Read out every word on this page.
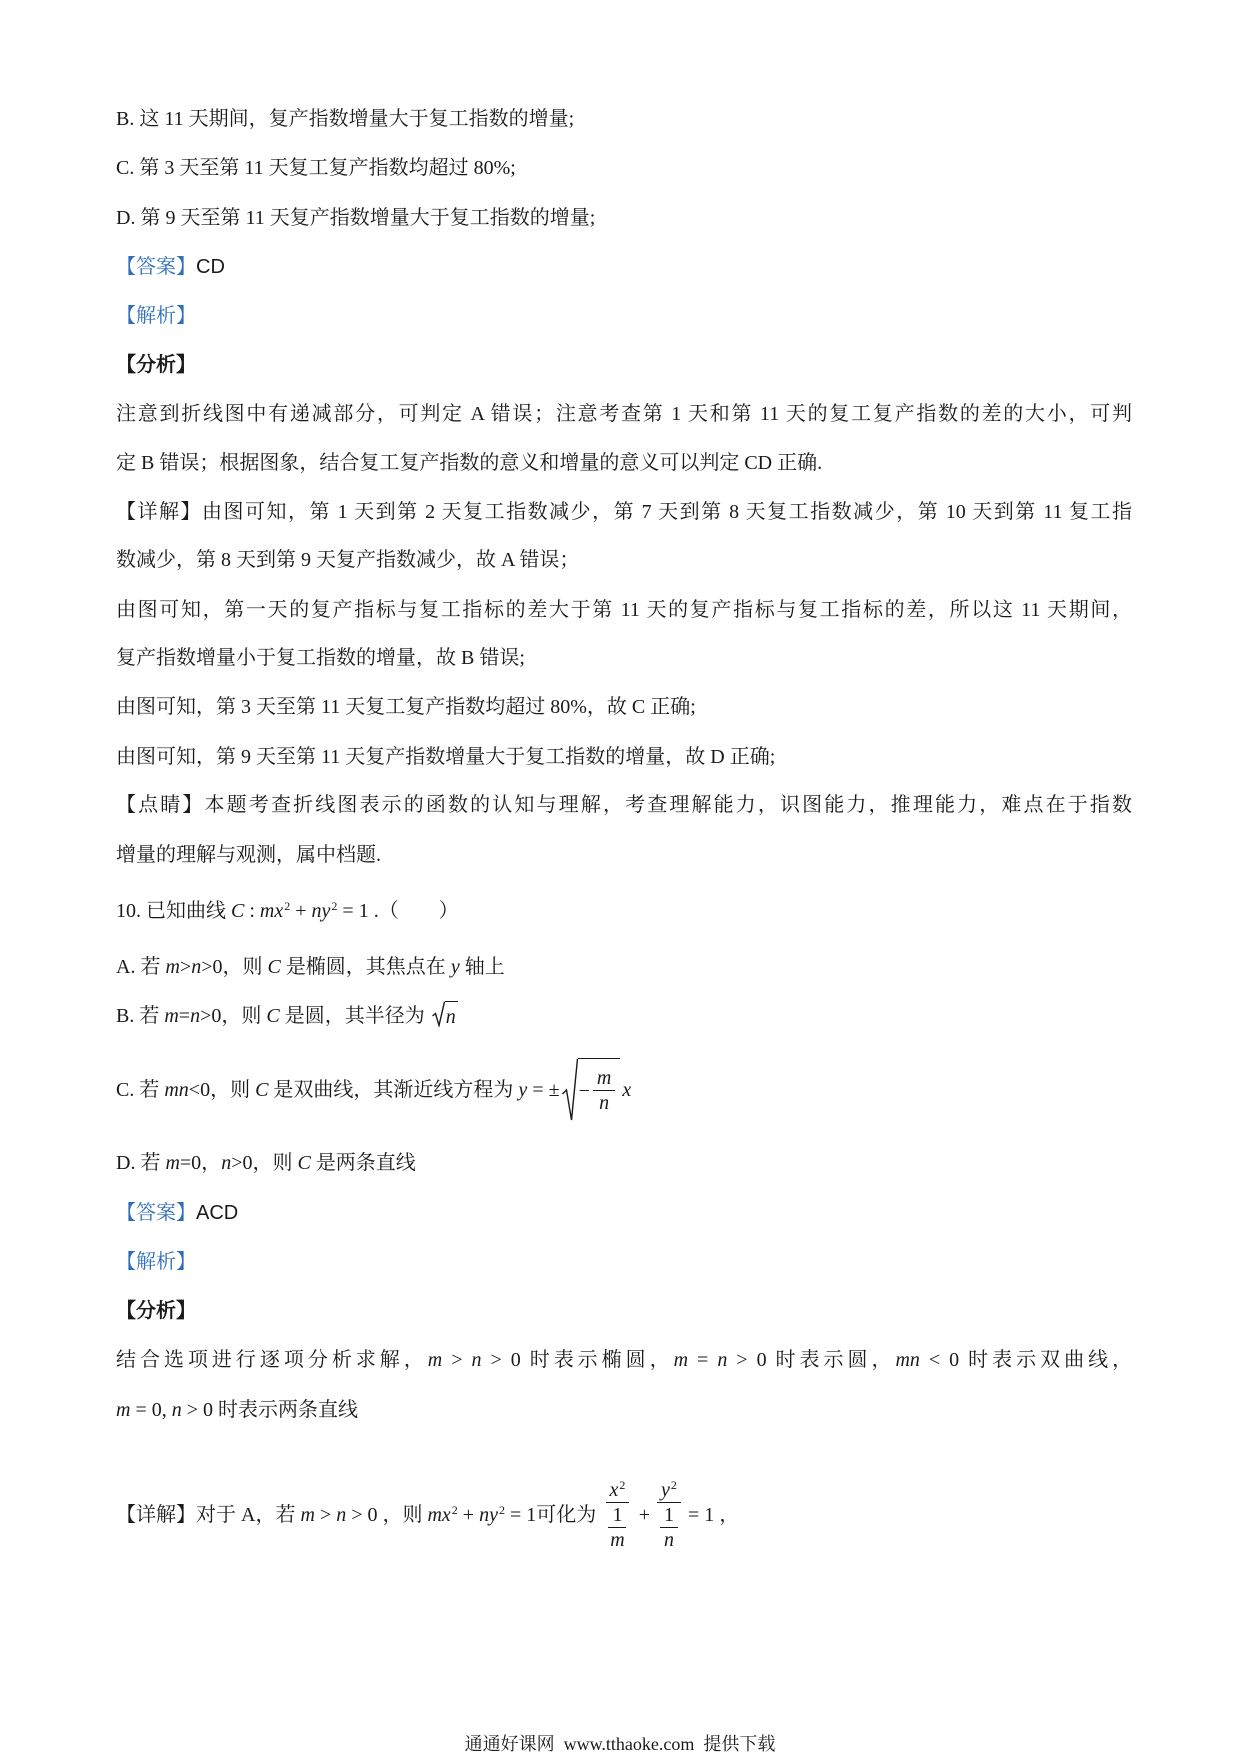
B. 这 11 天期间，复产指数增量大于复工指数的增量;
C. 第 3 天至第 11 天复工复产指数均超过 80%;
D. 第 9 天至第 11 天复产指数增量大于复工指数的增量;
【答案】CD
【解析】
【分析】
注意到折线图中有递减部分，可判定 A 错误；注意考查第 1 天和第 11 天的复工复产指数的差的大小，可判
定 B 错误；根据图象，结合复工复产指数的意义和增量的意义可以判定 CD 正确.
【详解】由图可知，第 1 天到第 2 天复工指数减少，第 7 天到第 8 天复工指数减少，第 10 天到第 11 复工指
数减少，第 8 天到第 9 天复产指数减少，故 A 错误；
由图可知，第一天的复产指标与复工指标的差大于第 11 天的复产指标与复工指标的差，所以这 11 天期间，
复产指数增量小于复工指数的增量，故 B 错误;
由图可知，第 3 天至第 11 天复工复产指数均超过 80%，故 C 正确;
由图可知，第 9 天至第 11 天复产指数增量大于复工指数的增量，故 D 正确;
【点睛】本题考查折线图表示的函数的认知与理解，考查理解能力，识图能力，推理能力，难点在于指数
增量的理解与观测，属中档题.
10. 已知曲线 C : $mx^2 + ny^2 = 1$ .（　　）
A. 若 m > n >0，则 C 是椭圆，其焦点在 y 轴上
B. 若 m = n >0，则 C 是圆，其半径为 n
C. 若 mn <0，则 C 是双曲线，其渐近线方程为 y = ± − $\frac{m}{n}$ x
D. 若 m =0， n >0，则 C 是两条直线
【答案】ACD
【解析】
【分析】
结合选项进行逐项分析求解，m > n > 0 时表示椭圆，m = n > 0 时表示圆，mn < 0 时表示双曲线，
m = 0, n > 0 时表示两条直线
【详解】 对于 A，若 m > n > 0 ，则 $mx^2 + ny^2 = 1$ 可化为 $\frac{x^2}{\frac{1}{m}} + \frac{y^2}{\frac{1}{n}} = 1$ ，
通通好课网  www.tthaoke.com  提供下载
